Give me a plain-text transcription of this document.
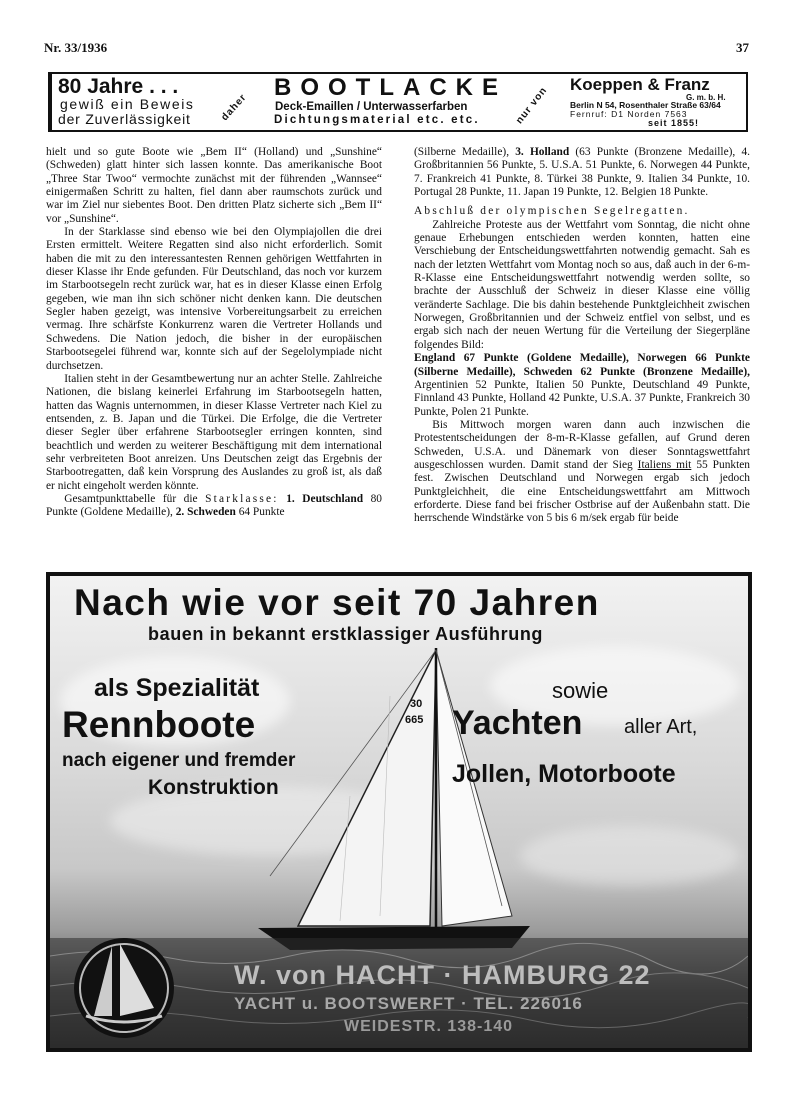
Nr. 33/1936	37
80 Jahre . . .
gewiß ein Beweis
der Zuverlässigkeit	daher
BOOTLACKE
Deck-Emaillen / Unterwasserfarben
Dichtungsmaterial etc. etc.	nur von
Koeppen & Franz
G. m. b. H.
Berlin N 54, Rosenthaler Straße 63/64
Fernruf: D1 Norden 7563
seit 1855!

hielt und so gute Boote wie „Bem II“ (Holland) und „Sunshine“ (Schweden) glatt hinter sich lassen konnte. Das amerikanische Boot „Three Star Twoo“ vermochte zunächst mit der führenden „Wannsee“ einigermaßen Schritt zu halten, fiel dann aber raumschots zurück und war im Ziel nur siebentes Boot. Den dritten Platz sicherte sich „Bem II“ vor „Sunshine“.

In der Starklasse sind ebenso wie bei den Olympiajollen die drei Ersten ermittelt. Weitere Regatten sind also nicht erforderlich. Somit haben die mit zu den interessantesten Rennen gehörigen Wettfahrten in dieser Klasse ihr Ende gefunden. Für Deutschland, das noch vor kurzem im Starbootsegeln recht zurück war, hat es in dieser Klasse einen Erfolg gegeben, wie man ihn sich schöner nicht denken kann. Die deutschen Segler haben gezeigt, was intensive Vorbereitungsarbeit zu erreichen vermag. Ihre schärfste Konkurrenz waren die Vertreter Hollands und Schwedens. Die Nation jedoch, die bisher in der europäischen Starbootsegelei führend war, konnte sich auf der Segelolympiade nicht durchsetzen.

Italien steht in der Gesamtbewertung nur an achter Stelle. Zahlreiche Nationen, die bislang keinerlei Erfahrung im Starbootsegeln hatten, hatten das Wagnis unternommen, in dieser Klasse Vertreter nach Kiel zu entsenden, z. B. Japan und die Türkei. Die Erfolge, die die Vertreter dieser Segler über erfahrene Starbootsegler erringen konnten, sind beachtlich und werden zu weiterer Beschäftigung mit dem international sehr verbreiteten Boot anreizen. Uns Deutschen zeigt das Ergebnis der Starbootregatten, daß kein Vorsprung des Auslandes zu groß ist, als daß er nicht eingeholt werden könnte.

Gesamtpunkttabelle für die Starklasse: 1. Deutschland 80 Punkte (Goldene Medaille), 2. Schweden 64 Punkte

(Silberne Medaille), 3. Holland (63 Punkte (Bronzene Medaille), 4. Großbritannien 56 Punkte, 5. U.S.A. 51 Punkte, 6. Norwegen 44 Punkte, 7. Frankreich 41 Punkte, 8. Türkei 38 Punkte, 9. Italien 34 Punkte, 10. Portugal 28 Punkte, 11. Japan 19 Punkte, 12. Belgien 18 Punkte.

Abschluß der olympischen Segelregatten.

Zahlreiche Proteste aus der Wettfahrt vom Sonntag, die nicht ohne genaue Erhebungen entschieden werden konnten, hatten eine Verschiebung der Entscheidungswettfahrten notwendig gemacht. Sah es nach der letzten Wettfahrt vom Montag noch so aus, daß auch in der 6-m-R-Klasse eine Entscheidungswettfahrt notwendig werden sollte, so brachte der Ausschluß der Schweiz in dieser Klasse eine völlig veränderte Sachlage. Die bis dahin bestehende Punktgleichheit zwischen Norwegen, Großbritannien und der Schweiz entfiel von selbst, und es ergab sich nach der neuen Wertung für die Verteilung der Siegerpläne folgendes Bild:

England 67 Punkte (Goldene Medaille), Norwegen 66 Punkte (Silberne Medaille), Schweden 62 Punkte (Bronzene Medaille), Argentinien 52 Punkte, Italien 50 Punkte, Deutschland 49 Punkte, Finnland 43 Punkte, Holland 42 Punkte, U.S.A. 37 Punkte, Frankreich 30 Punkte, Polen 21 Punkte.

Bis Mittwoch morgen waren dann auch inzwischen die Protestentscheidungen der 8-m-R-Klasse gefallen, auf Grund deren Schweden, U.S.A. und Dänemark von dieser Sonntagswettfahrt ausgeschlossen wurden. Damit stand der Sieg Italiens mit 55 Punkten fest. Zwischen Deutschland und Norwegen ergab sich jedoch Punktgleichheit, die eine Entscheidungswettfahrt am Mittwoch erforderte. Diese fand bei frischer Ostbrise auf der Außenbahn statt. Die herrschende Windstärke von 5 bis 6 m/sek ergab für beide

Nach wie vor seit 70 Jahren
bauen in bekannt erstklassiger Ausführung
als Spezialität
Rennboote
nach eigener und fremder
Konstruktion
sowie
Yachten aller Art,
Jollen, Motorboote
30
665
W. von HACHT · HAMBURG 22
YACHT u. BOOTSWERFT · TEL. 226016
WEIDESTR. 138-140
